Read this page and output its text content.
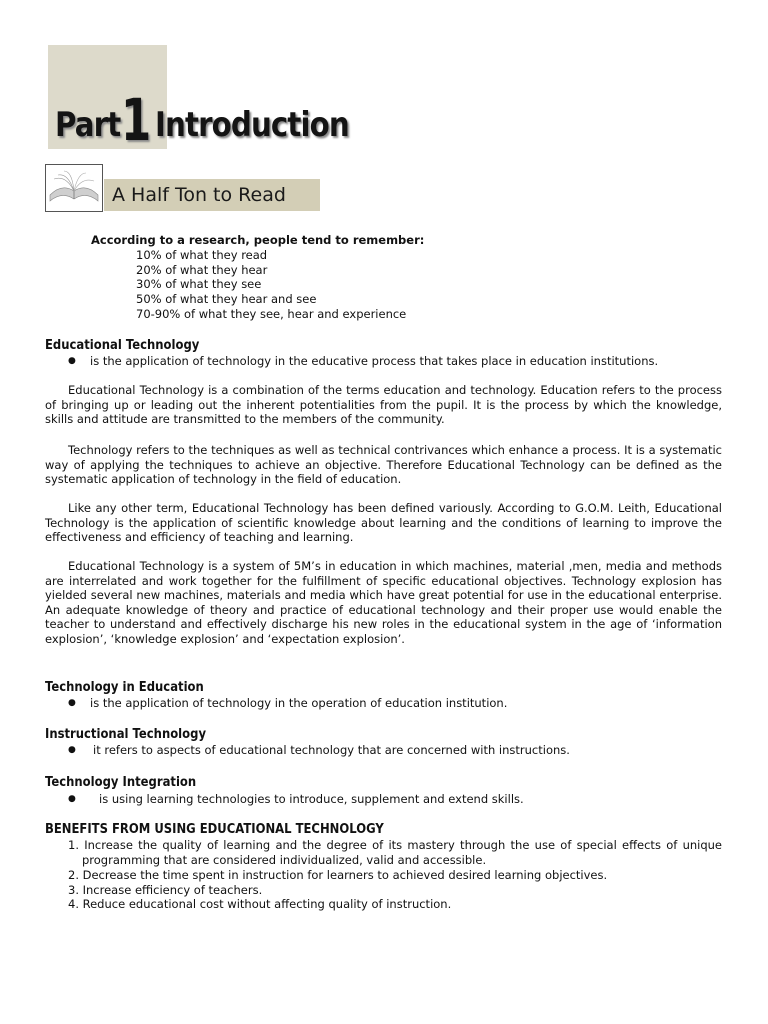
Part1 Introduction
A Half Ton to Read
According to a research, people tend to remember:
10% of what they read
20% of what they hear
30% of what they see
50% of what they hear and see
70-90% of what they see, hear and experience
Educational Technology
● is the application of technology in the educative process that takes place in education institutions.

Educational Technology is a combination of the terms education and technology. Education refers to the process of bringing up or leading out the inherent potentialities from the pupil. It is the process by which the knowledge, skills and attitude are transmitted to the members of the community.

Technology refers to the techniques as well as technical contrivances which enhance a process. It is a systematic way of applying the techniques to achieve an objective. Therefore Educational Technology can be defined as the systematic application of technology in the field of education.

Like any other term, Educational Technology has been defined variously. According to G.O.M. Leith, Educational Technology is the application of scientific knowledge about learning and the conditions of learning to improve the effectiveness and efficiency of teaching and learning.

Educational Technology is a system of 5M’s in education in which machines, material ,men, media and methods are interrelated and work together for the fulfillment of specific educational objectives. Technology explosion has yielded several new machines, materials and media which have great potential for use in the educational enterprise. An adequate knowledge of theory and practice of educational technology and their proper use would enable the teacher to understand and effectively discharge his new roles in the educational system in the age of ‘information explosion’, ‘knowledge explosion’ and ‘expectation explosion’.

Technology in Education
● is the application of technology in the operation of education institution.
Instructional Technology
● it refers to aspects of educational technology that are concerned with instructions.
Technology Integration
● is using learning technologies to introduce, supplement and extend skills.
BENEFITS FROM USING EDUCATIONAL TECHNOLOGY
1. Increase the quality of learning and the degree of its mastery through the use of special effects of unique programming that are considered individualized, valid and accessible.
2. Decrease the time spent in instruction for learners to achieved desired learning objectives.
3. Increase efficiency of teachers.
4. Reduce educational cost without affecting quality of instruction.
